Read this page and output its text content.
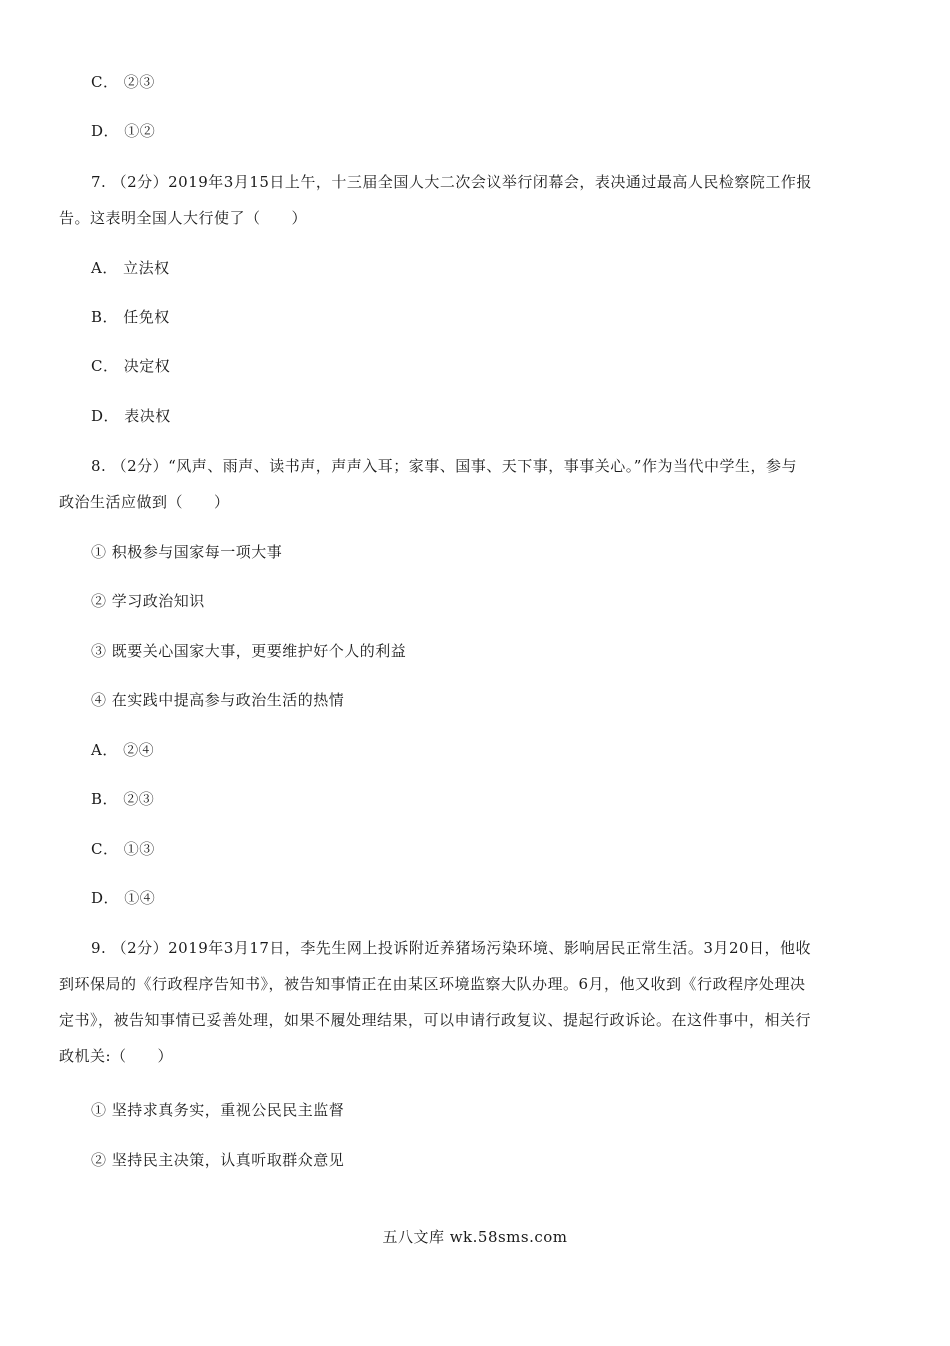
C． ②③
D． ①②
7. （2分）2019年3月15日上午，十三届全国人大二次会议举行闭幕会，表决通过最高人民检察院工作报
告。这表明全国人大行使了（　　）
A． 立法权
B． 任免权
C． 决定权
D． 表决权
8. （2分）“风声、雨声、读书声，声声入耳；家事、国事、天下事，事事关心。”作为当代中学生，参与
政治生活应做到（　　）
① 积极参与国家每一项大事
② 学习政治知识
③ 既要关心国家大事，更要维护好个人的利益
④ 在实践中提高参与政治生活的热情
A． ②④
B． ②③
C． ①③
D． ①④
9. （2分）2019年3月17日，李先生网上投诉附近养猪场污染环境、影响居民正常生活。3月20日，他收
到环保局的《行政程序告知书》，被告知事情正在由某区环境监察大队办理。6月，他又收到《行政程序处理决
定书》，被告知事情已妥善处理，如果不履处理结果，可以申请行政复议、提起行政诉论。在这件事中，相关行
政机关:（　　）
① 坚持求真务实，重视公民民主监督
② 坚持民主决策，认真听取群众意见
五八文库 wk.58sms.com
